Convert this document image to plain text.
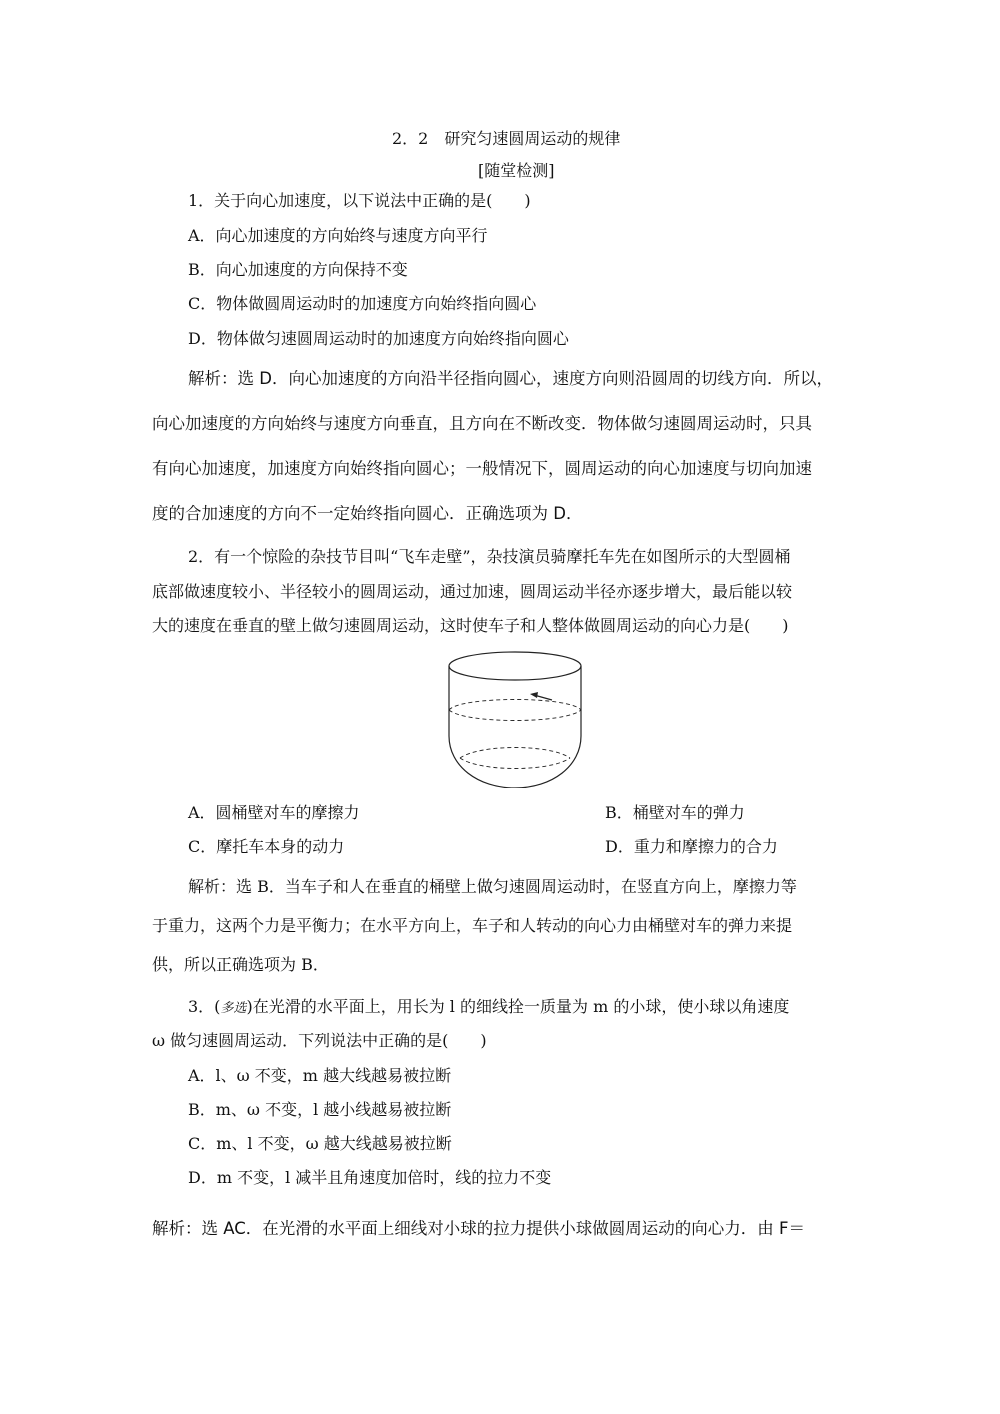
2．2　研究匀速圆周运动的规律
[随堂检测]
1．关于向心加速度，以下说法中正确的是(　　)
A．向心加速度的方向始终与速度方向平行
B．向心加速度的方向保持不变
C．物体做圆周运动时的加速度方向始终指向圆心
D．物体做匀速圆周运动时的加速度方向始终指向圆心
解析：选 D．向心加速度的方向沿半径指向圆心，速度方向则沿圆周的切线方向．所以，
向心加速度的方向始终与速度方向垂直，且方向在不断改变．物体做匀速圆周运动时，只具
有向心加速度，加速度方向始终指向圆心；一般情况下，圆周运动的向心加速度与切向加速
度的合加速度的方向不一定始终指向圆心．正确选项为 D．
2．有一个惊险的杂技节目叫“飞车走壁”，杂技演员骑摩托车先在如图所示的大型圆桶
底部做速度较小、半径较小的圆周运动，通过加速，圆周运动半径亦逐步增大，最后能以较
大的速度在垂直的壁上做匀速圆周运动，这时使车子和人整体做圆周运动的向心力是(　　)
A．圆桶壁对车的摩擦力	B．桶壁对车的弹力
C．摩托车本身的动力	D．重力和摩擦力的合力
解析：选 B．当车子和人在垂直的桶壁上做匀速圆周运动时，在竖直方向上，摩擦力等
于重力，这两个力是平衡力；在水平方向上，车子和人转动的向心力由桶壁对车的弹力来提
供，所以正确选项为 B．
3．(多选)在光滑的水平面上，用长为 l 的细线拴一质量为 m 的小球，使小球以角速度
ω 做匀速圆周运动．下列说法中正确的是(　　)
A．l、ω 不变，m 越大线越易被拉断
B．m、ω 不变，l 越小线越易被拉断
C．m、l 不变，ω 越大线越易被拉断
D．m 不变，l 减半且角速度加倍时，线的拉力不变
解析：选 AC．在光滑的水平面上细线对小球的拉力提供小球做圆周运动的向心力．由 F＝
